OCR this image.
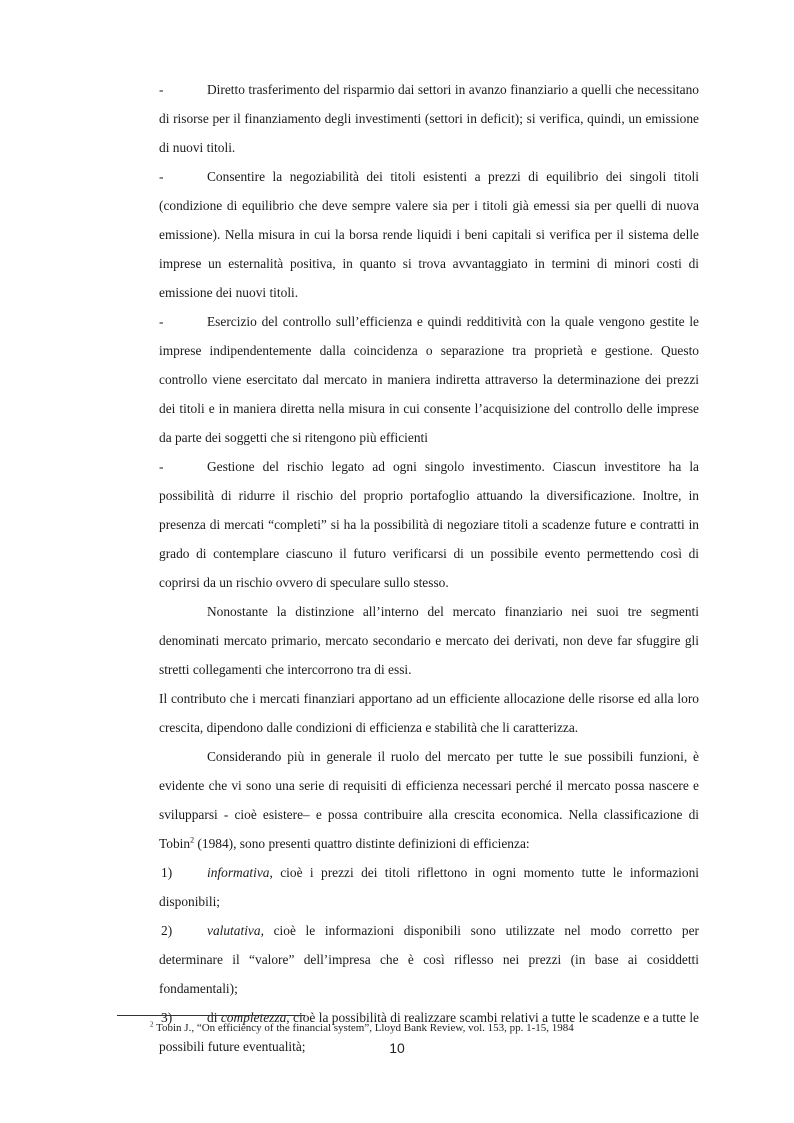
-	Diretto trasferimento del risparmio dai settori in avanzo finanziario a quelli che necessitano di risorse per il finanziamento degli investimenti (settori in deficit); si verifica, quindi, un emissione di nuovi titoli.

-	Consentire la negoziabilità dei titoli esistenti a prezzi di equilibrio dei singoli titoli (condizione di equilibrio che deve sempre valere sia per i titoli già emessi sia per quelli di nuova emissione). Nella misura in cui la borsa rende liquidi i beni capitali si verifica per il sistema delle imprese un esternalità positiva, in quanto si trova avvantaggiato in termini di minori costi di emissione dei nuovi titoli.

-	Esercizio del controllo sull’efficienza e quindi redditività con la quale vengono gestite le imprese indipendentemente dalla coincidenza o separazione tra proprietà e gestione. Questo controllo viene esercitato dal mercato in maniera indiretta attraverso la determinazione dei prezzi dei titoli e in maniera diretta nella misura in cui consente l’acquisizione del controllo delle imprese da parte dei soggetti che si ritengono più efficienti

-	Gestione del rischio legato ad ogni singolo investimento. Ciascun investitore ha la possibilità di ridurre il rischio del proprio portafoglio attuando la diversificazione. Inoltre, in presenza di mercati “completi” si ha la possibilità di negoziare titoli a scadenze future e contratti in grado di contemplare ciascuno il futuro verificarsi di un possibile evento permettendo così di coprirsi da un rischio ovvero di speculare sullo stesso.

Nonostante la distinzione all’interno del mercato finanziario nei suoi tre segmenti denominati mercato primario, mercato secondario e mercato dei derivati, non deve far sfuggire gli stretti collegamenti che intercorrono tra di essi.

Il contributo che i mercati finanziari apportano ad un efficiente allocazione delle risorse ed alla loro crescita, dipendono dalle condizioni di efficienza e stabilità che li caratterizza.

Considerando più in generale il ruolo del mercato per tutte le sue possibili funzioni, è evidente che vi sono una serie di requisiti di efficienza necessari perché il mercato possa nascere e svilupparsi - cioè esistere– e possa contribuire alla crescita economica. Nella classificazione di Tobin$^2$ (1984), sono presenti quattro distinte definizioni di efficienza:

1)	informativa, cioè i prezzi dei titoli riflettono in ogni momento tutte le informazioni disponibili;

2)	valutativa, cioè le informazioni disponibili sono utilizzate nel modo corretto per determinare il “valore” dell’impresa che è così riflesso nei prezzi (in base ai cosiddetti fondamentali);

3)	di completezza, cioè la possibilità di realizzare scambi relativi a tutte le scadenze e a tutte le possibili future eventualità;

$^2$ Tobin J., “On efficiency of the financial system”, Lloyd Bank Review, vol. 153, pp. 1-15, 1984
10
